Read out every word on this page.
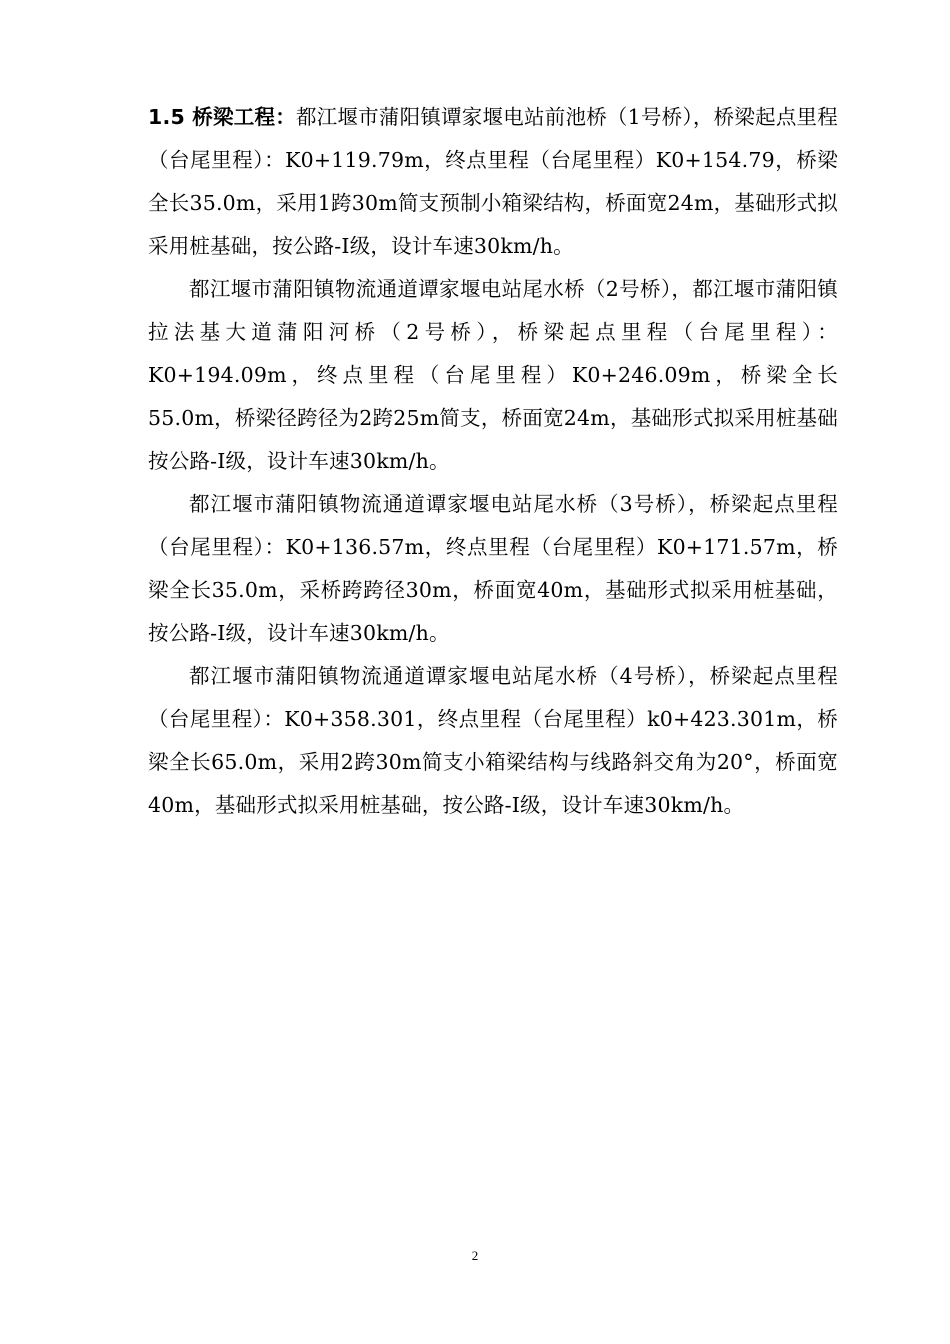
1.5 桥梁工程：都江堰市蒲阳镇谭家堰电站前池桥（1号桥），桥梁起点里程（台尾里程）：K0+119.79m，终点里程（台尾里程）K0+154.79，桥梁全长35.0m，采用1跨30m简支预制小箱梁结构，桥面宽24m，基础形式拟采用桩基础，按公路-I级，设计车速30km/h。

都江堰市蒲阳镇物流通道谭家堰电站尾水桥（2号桥），都江堰市蒲阳镇拉法基大道蒲阳河桥（2号桥），桥梁起点里程（台尾里程）：K0+194.09m，终点里程（台尾里程）K0+246.09m，桥梁全长55.0m，桥梁径跨径为2跨25m简支，桥面宽24m，基础形式拟采用桩基础按公路-I级，设计车速30km/h。

都江堰市蒲阳镇物流通道谭家堰电站尾水桥（3号桥），桥梁起点里程（台尾里程）：K0+136.57m，终点里程（台尾里程）K0+171.57m，桥梁全长35.0m，采桥跨跨径30m，桥面宽40m，基础形式拟采用桩基础，按公路-I级，设计车速30km/h。

都江堰市蒲阳镇物流通道谭家堰电站尾水桥（4号桥），桥梁起点里程（台尾里程）：K0+358.301，终点里程（台尾里程）k0+423.301m，桥梁全长65.0m，采用2跨30m简支小箱梁结构与线路斜交角为20°，桥面宽40m，基础形式拟采用桩基础，按公路-I级，设计车速30km/h。

2
